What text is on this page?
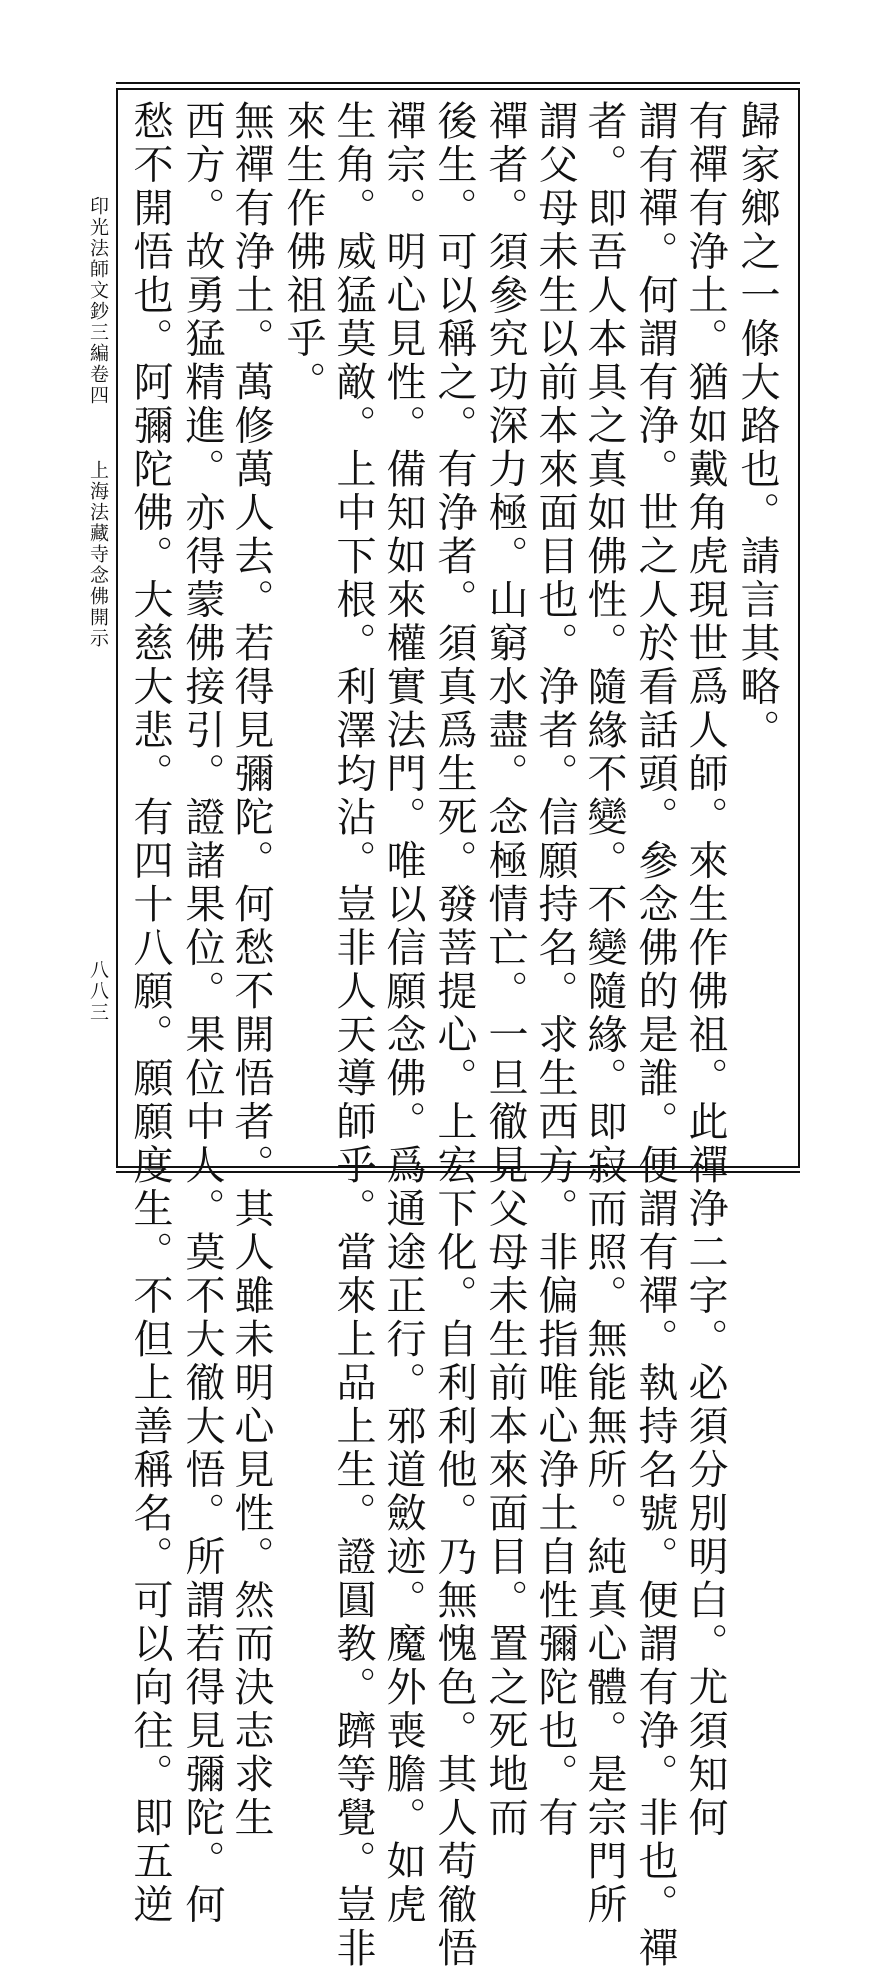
歸家鄉之一條大路也。請言其略。
有禪有浄土。猶如戴角虎現世爲人師。來生作佛祖。此禪浄二字。必須分別明白。尤須知何
謂有禪。何謂有浄。世之人於看話頭。參念佛的是誰。便謂有禪。執持名號。便謂有浄。非也。禪
者。即吾人本具之真如佛性。隨緣不變。不變隨緣。即寂而照。無能無所。純真心體。是宗門所
謂父母未生以前本來面目也。浄者。信願持名。求生西方。非偏指唯心浄土自性彌陀也。有
禪者。須參究功深力極。山窮水盡。念極情亡。一旦徹見父母未生前本來面目。置之死地而
後生。可以稱之。有浄者。須真爲生死。發菩提心。上宏下化。自利利他。乃無愧色。其人苟徹悟
禪宗。明心見性。備知如來權實法門。唯以信願念佛。爲通途正行。邪道斂迹。魔外喪膽。如虎
生角。威猛莫敵。上中下根。利澤均沾。豈非人天導師乎。當來上品上生。證圓教。躋等覺。豈非
來生作佛祖乎。
無禪有浄土。萬修萬人去。若得見彌陀。何愁不開悟者。其人雖未明心見性。然而決志求生
西方。故勇猛精進。亦得蒙佛接引。證諸果位。果位中人。莫不大徹大悟。所謂若得見彌陀。何
愁不開悟也。阿彌陀佛。大慈大悲。有四十八願。願願度生。不但上善稱名。可以向往。即五逆
印光法師文鈔三編卷四
上海法藏寺念佛開示
八八三
